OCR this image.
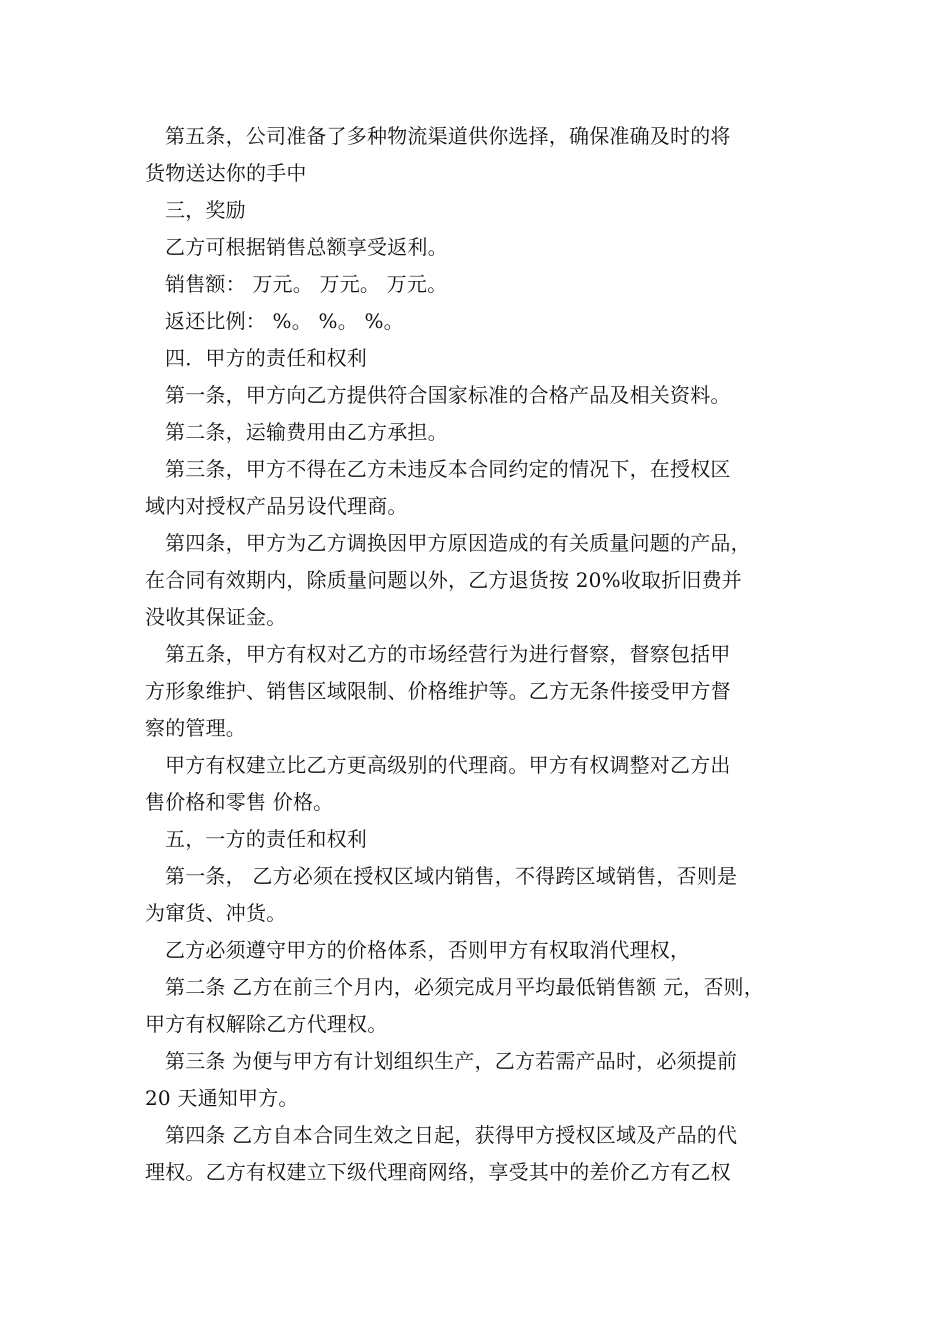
第五条，公司准备了多种物流渠道供你选择，确保准确及时的将
货物送达你的手中
三，奖励
乙方可根据销售总额享受返利。
销售额： 万元。 万元。 万元。
返还比例： %。 %。 %。
四．甲方的责任和权利
第一条，甲方向乙方提供符合国家标准的合格产品及相关资料。
第二条，运输费用由乙方承担。
第三条，甲方不得在乙方未违反本合同约定的情况下，在授权区
域内对授权产品另设代理商。
第四条，甲方为乙方调换因甲方原因造成的有关质量问题的产品，
在合同有效期内，除质量问题以外，乙方退货按 20%收取折旧费并
没收其保证金。
第五条，甲方有权对乙方的市场经营行为进行督察，督察包括甲
方形象维护、销售区域限制、价格维护等。乙方无条件接受甲方督
察的管理。
甲方有权建立比乙方更高级别的代理商。甲方有权调整对乙方出
售价格和零售 价格。
五，一方的责任和权利
第一条， 乙方必须在授权区域内销售，不得跨区域销售，否则是
为窜货、冲货。
乙方必须遵守甲方的价格体系，否则甲方有权取消代理权，
第二条 乙方在前三个月内，必须完成月平均最低销售额 元，否则，
甲方有权解除乙方代理权。
第三条 为便与甲方有计划组织生产，乙方若需产品时，必须提前
20 天通知甲方。
第四条 乙方自本合同生效之日起，获得甲方授权区域及产品的代
理权。乙方有权建立下级代理商网络，享受其中的差价乙方有乙权
